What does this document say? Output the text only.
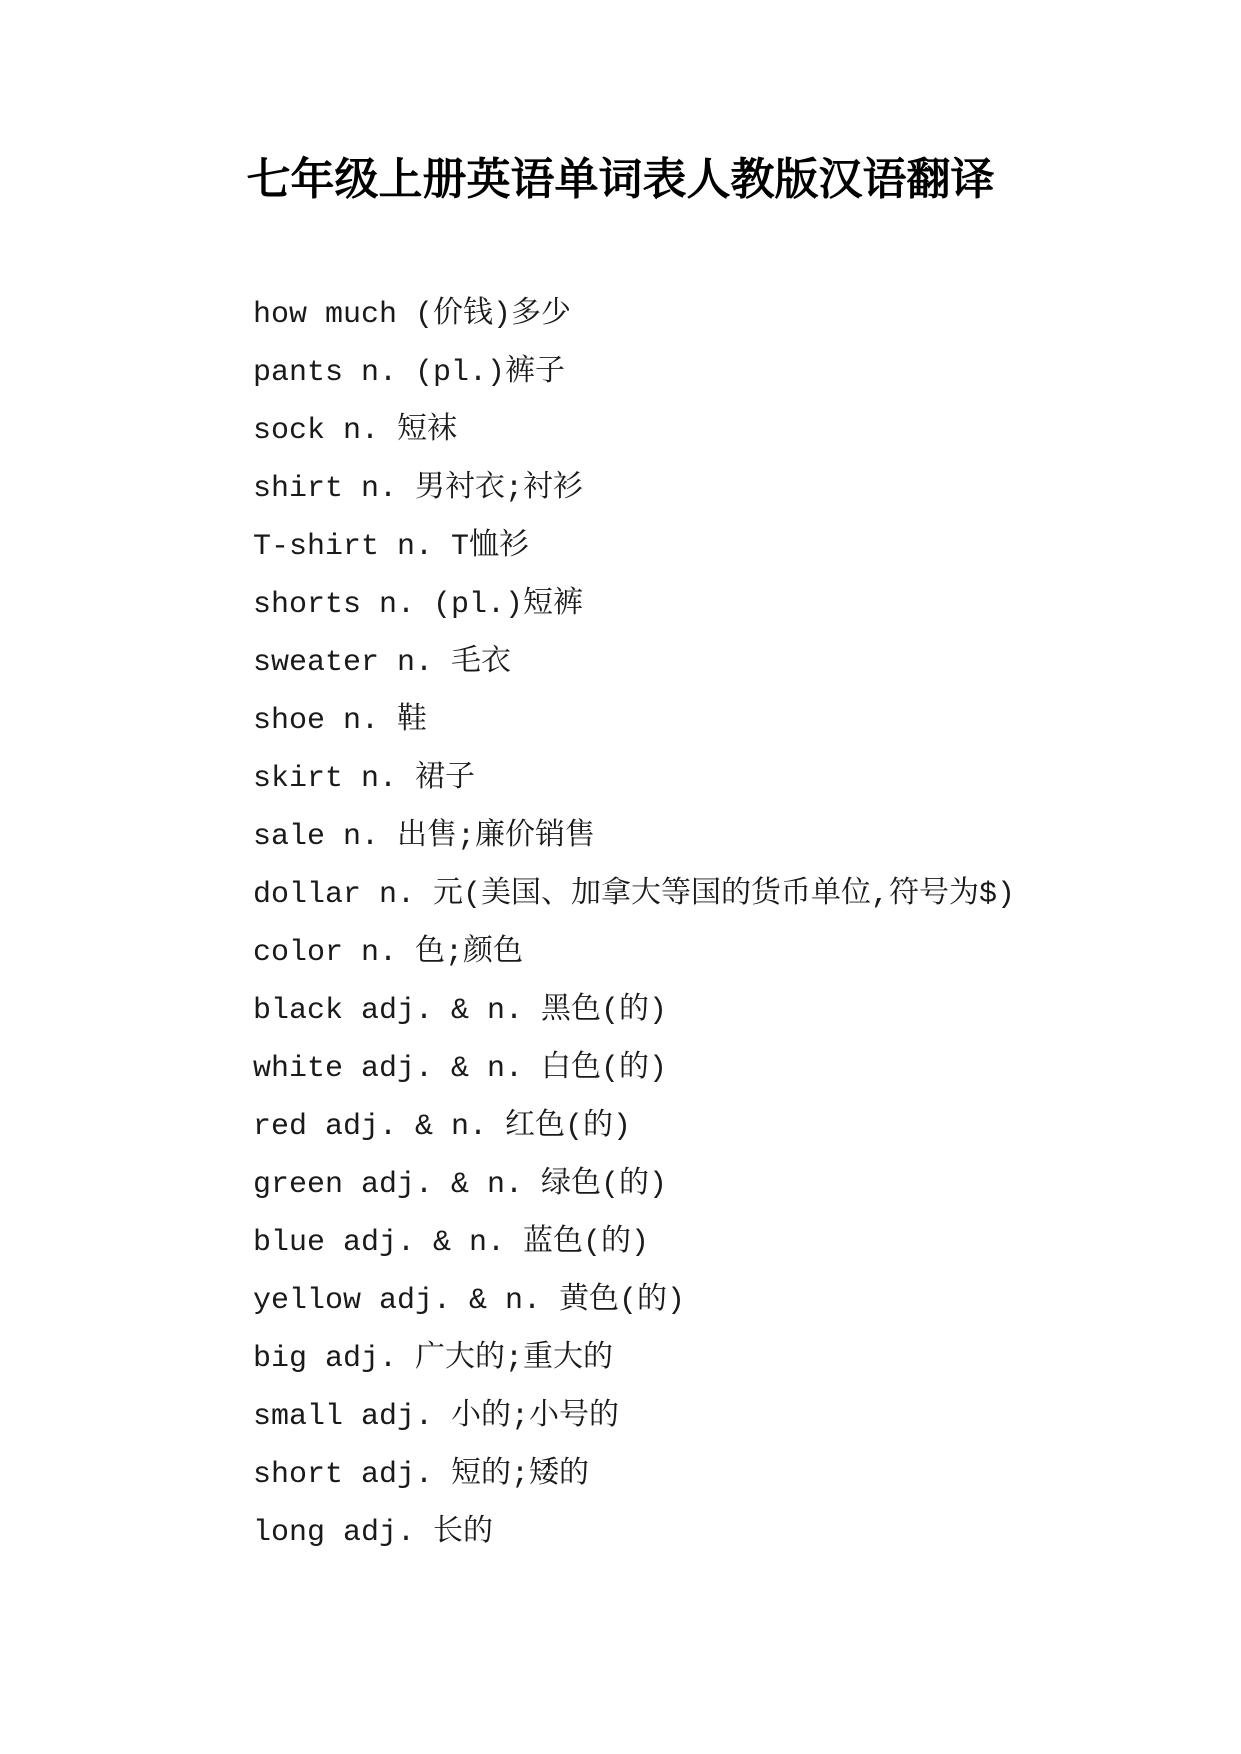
七年级上册英语单词表人教版汉语翻译
how much (价钱)多少
pants n. (pl.)裤子
sock n. 短袜
shirt n. 男衬衣;衬衫
T-shirt n. T恤衫
shorts n. (pl.)短裤
sweater n. 毛衣
shoe n. 鞋
skirt n. 裙子
sale n. 出售;廉价销售
dollar n. 元(美国、加拿大等国的货币单位,符号为$)
color n. 色;颜色
black adj. & n. 黑色(的)
white adj. & n. 白色(的)
red adj. & n. 红色(的)
green adj. & n. 绿色(的)
blue adj. & n. 蓝色(的)
yellow adj. & n. 黄色(的)
big adj. 广大的;重大的
small adj. 小的;小号的
short adj. 短的;矮的
long adj. 长的
